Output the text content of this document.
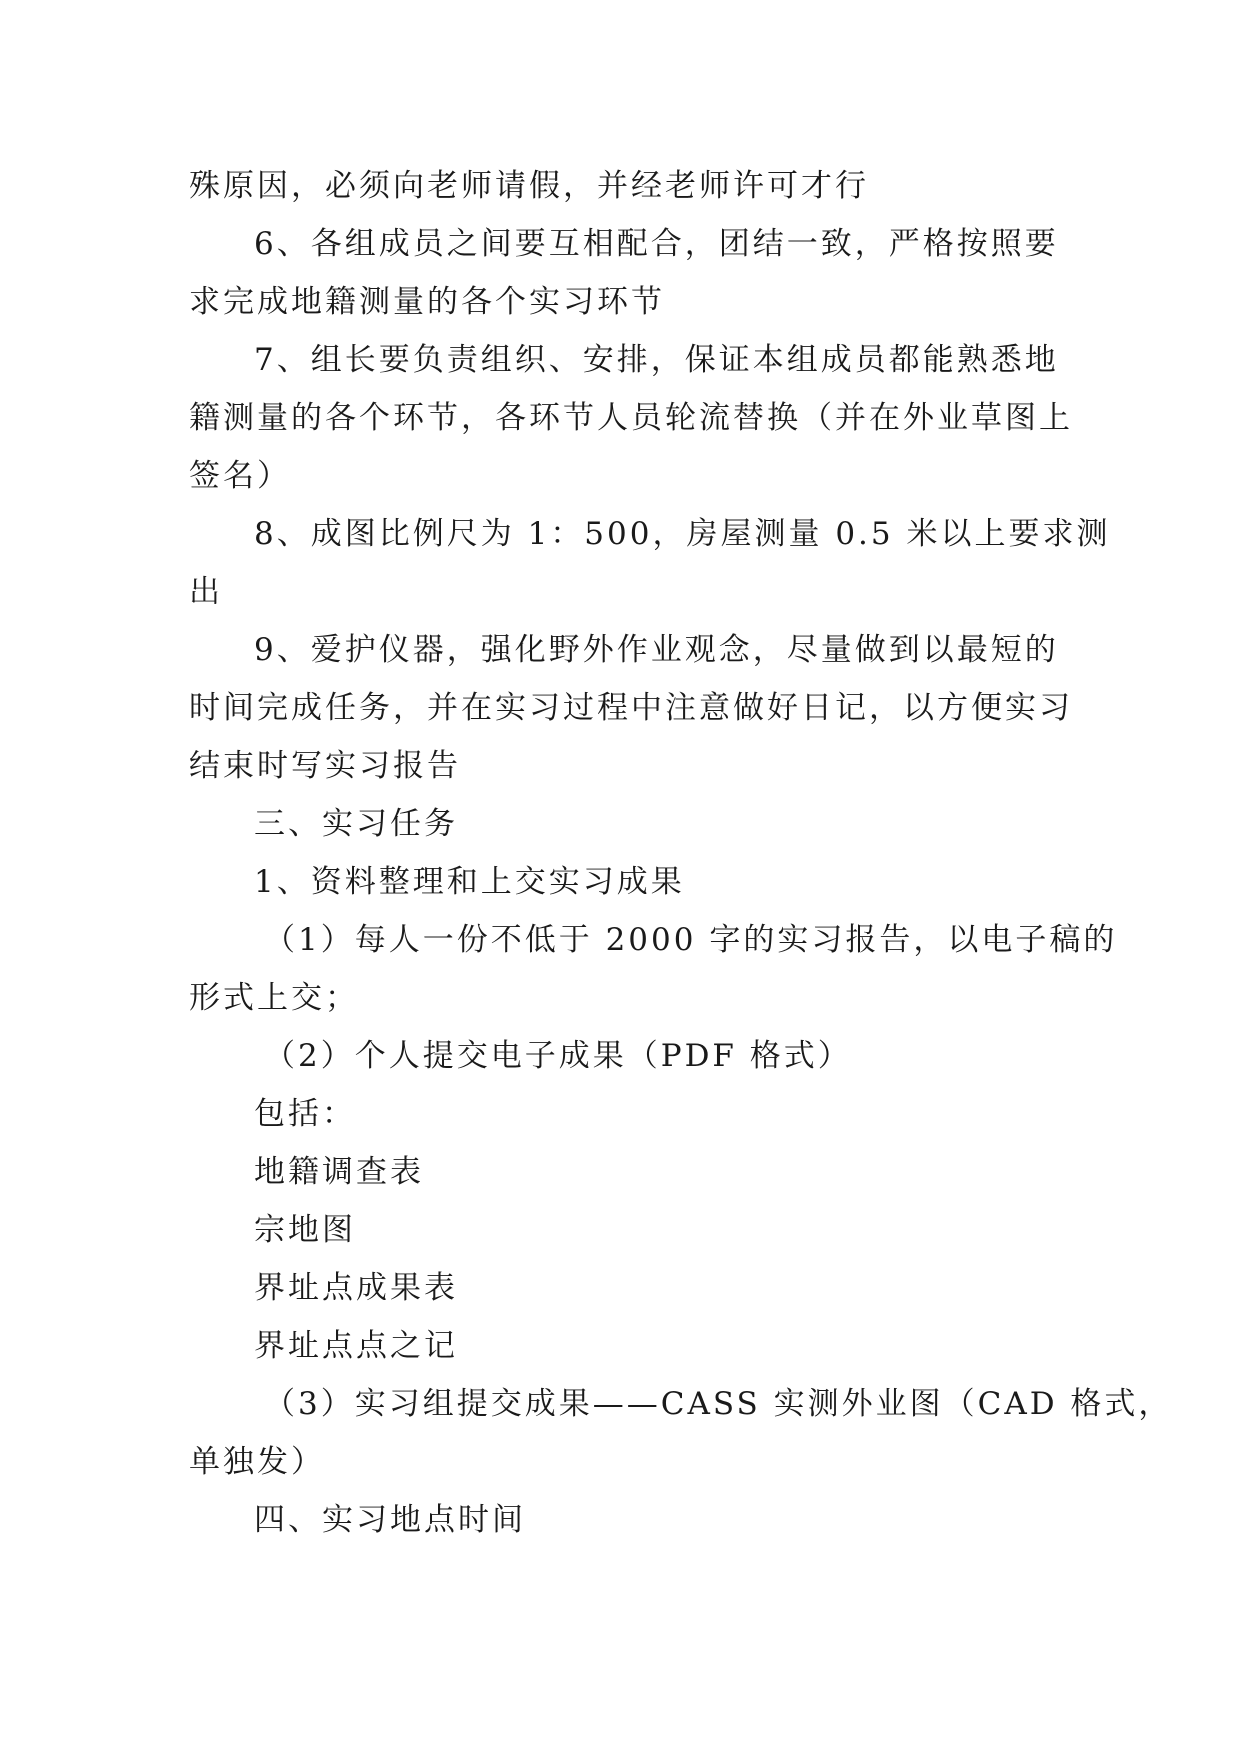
殊原因，必须向老师请假，并经老师许可才行
6、各组成员之间要互相配合，团结一致，严格按照要
求完成地籍测量的各个实习环节
7、组长要负责组织、安排，保证本组成员都能熟悉地
籍测量的各个环节，各环节人员轮流替换（并在外业草图上
签名）
8、成图比例尺为 1：500，房屋测量 0.5 米以上要求测
出
9、爱护仪器，强化野外作业观念，尽量做到以最短的
时间完成任务，并在实习过程中注意做好日记，以方便实习
结束时写实习报告
三、实习任务
1、资料整理和上交实习成果
（1）每人一份不低于 2000 字的实习报告，以电子稿的
形式上交；
（2）个人提交电子成果（PDF 格式）
包括：
地籍调查表
宗地图
界址点成果表
界址点点之记
（3）实习组提交成果——CASS 实测外业图（CAD 格式，
单独发）
四、实习地点时间
